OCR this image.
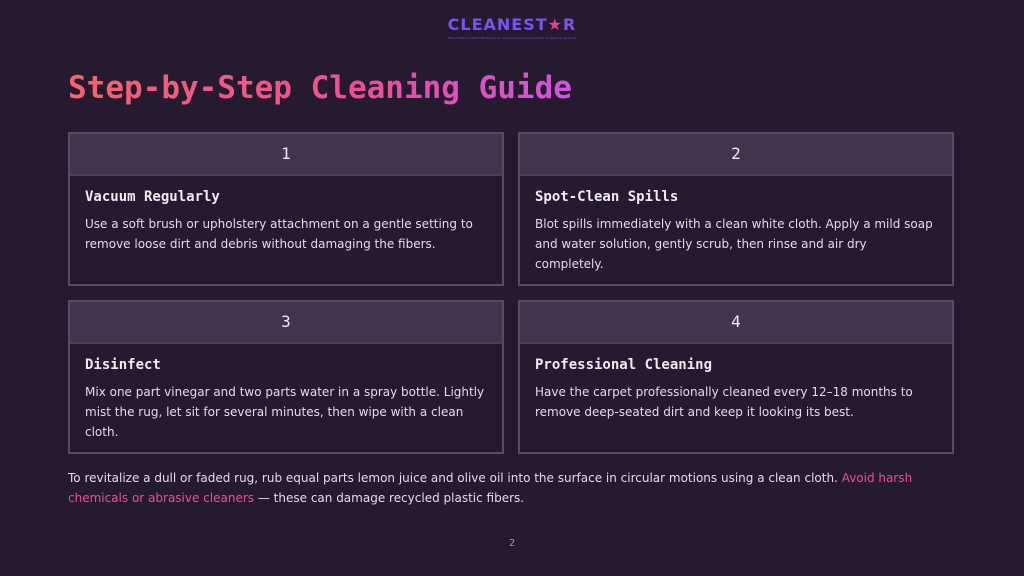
CLEANEST★R
The Industry Trusted Gift Sender for Cleaning Products Outreach & Cleaning Solutions
Step-by-Step Cleaning Guide
1
Vacuum Regularly
Use a soft brush or upholstery attachment on a gentle setting to remove loose dirt and debris without damaging the fibers.
2
Spot-Clean Spills
Blot spills immediately with a clean white cloth. Apply a mild soap and water solution, gently scrub, then rinse and air dry completely.
3
Disinfect
Mix one part vinegar and two parts water in a spray bottle. Lightly mist the rug, let sit for several minutes, then wipe with a clean cloth.
4
Professional Cleaning
Have the carpet professionally cleaned every 12–18 months to remove deep-seated dirt and keep it looking its best.

To revitalize a dull or faded rug, rub equal parts lemon juice and olive oil into the surface in circular motions using a clean cloth. Avoid harsh chemicals or abrasive cleaners — these can damage recycled plastic fibers.

2
